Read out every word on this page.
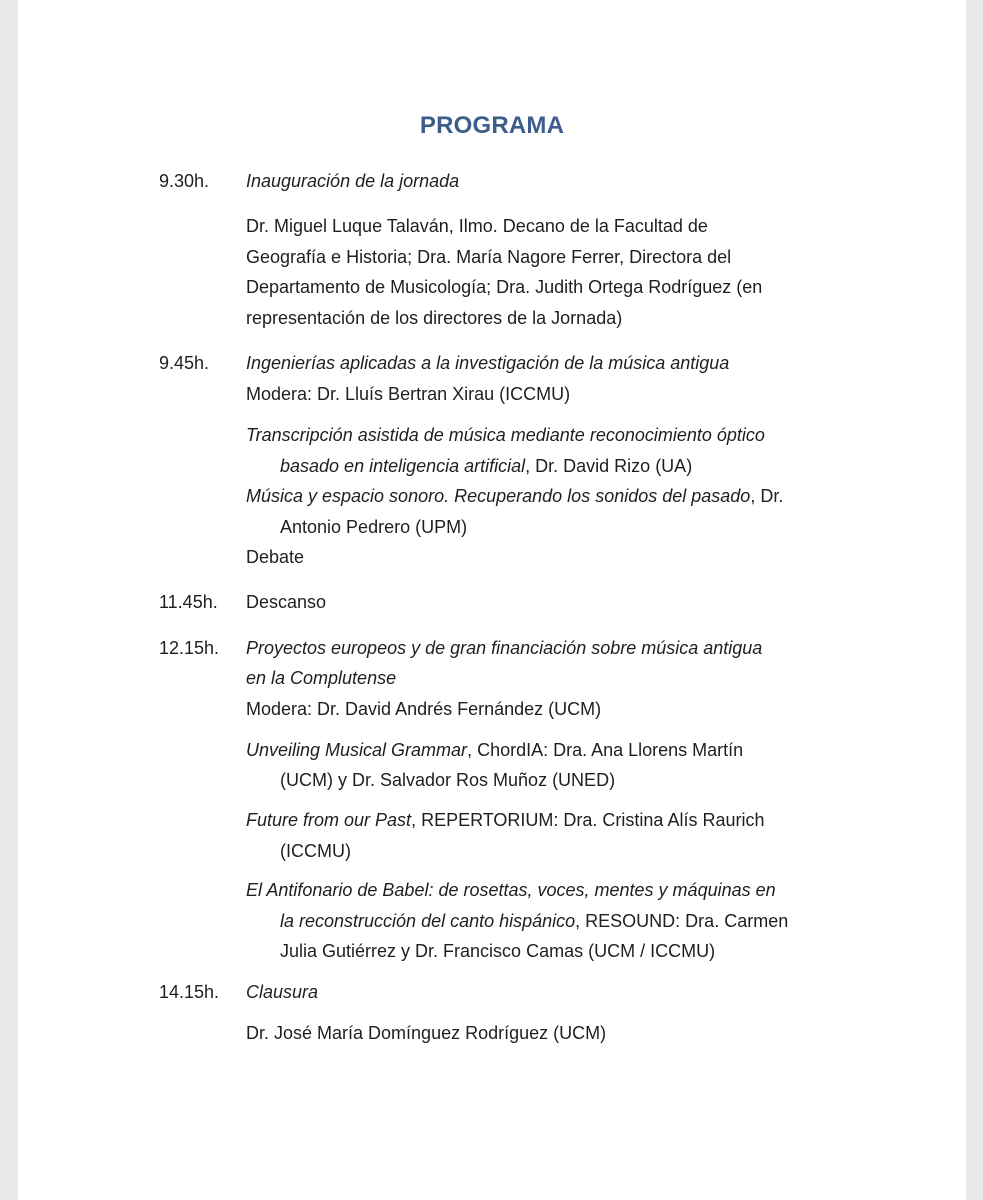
PROGRAMA
9.30h. Inauguración de la jornada
Dr. Miguel Luque Talaván, Ilmo. Decano de la Facultad de
Geografía e Historia; Dra. María Nagore Ferrer, Directora del
Departamento de Musicología; Dra. Judith Ortega Rodríguez (en
representación de los directores de la Jornada)
9.45h. Ingenierías aplicadas a la investigación de la música antigua
Modera: Dr. Lluís Bertran Xirau (ICCMU)
Transcripción asistida de música mediante reconocimiento óptico
basado en inteligencia artificial, Dr. David Rizo (UA)
Música y espacio sonoro. Recuperando los sonidos del pasado, Dr.
Antonio Pedrero (UPM)
Debate
11.45h. Descanso
12.15h. Proyectos europeos y de gran financiación sobre música antigua
en la Complutense
Modera: Dr. David Andrés Fernández (UCM)
Unveiling Musical Grammar, ChordIA: Dra. Ana Llorens Martín
(UCM) y Dr. Salvador Ros Muñoz (UNED)
Future from our Past, REPERTORIUM: Dra. Cristina Alís Raurich
(ICCMU)
El Antifonario de Babel: de rosettas, voces, mentes y máquinas en
la reconstrucción del canto hispánico, RESOUND: Dra. Carmen
Julia Gutiérrez y Dr. Francisco Camas (UCM / ICCMU)
14.15h. Clausura
Dr. José María Domínguez Rodríguez (UCM)
